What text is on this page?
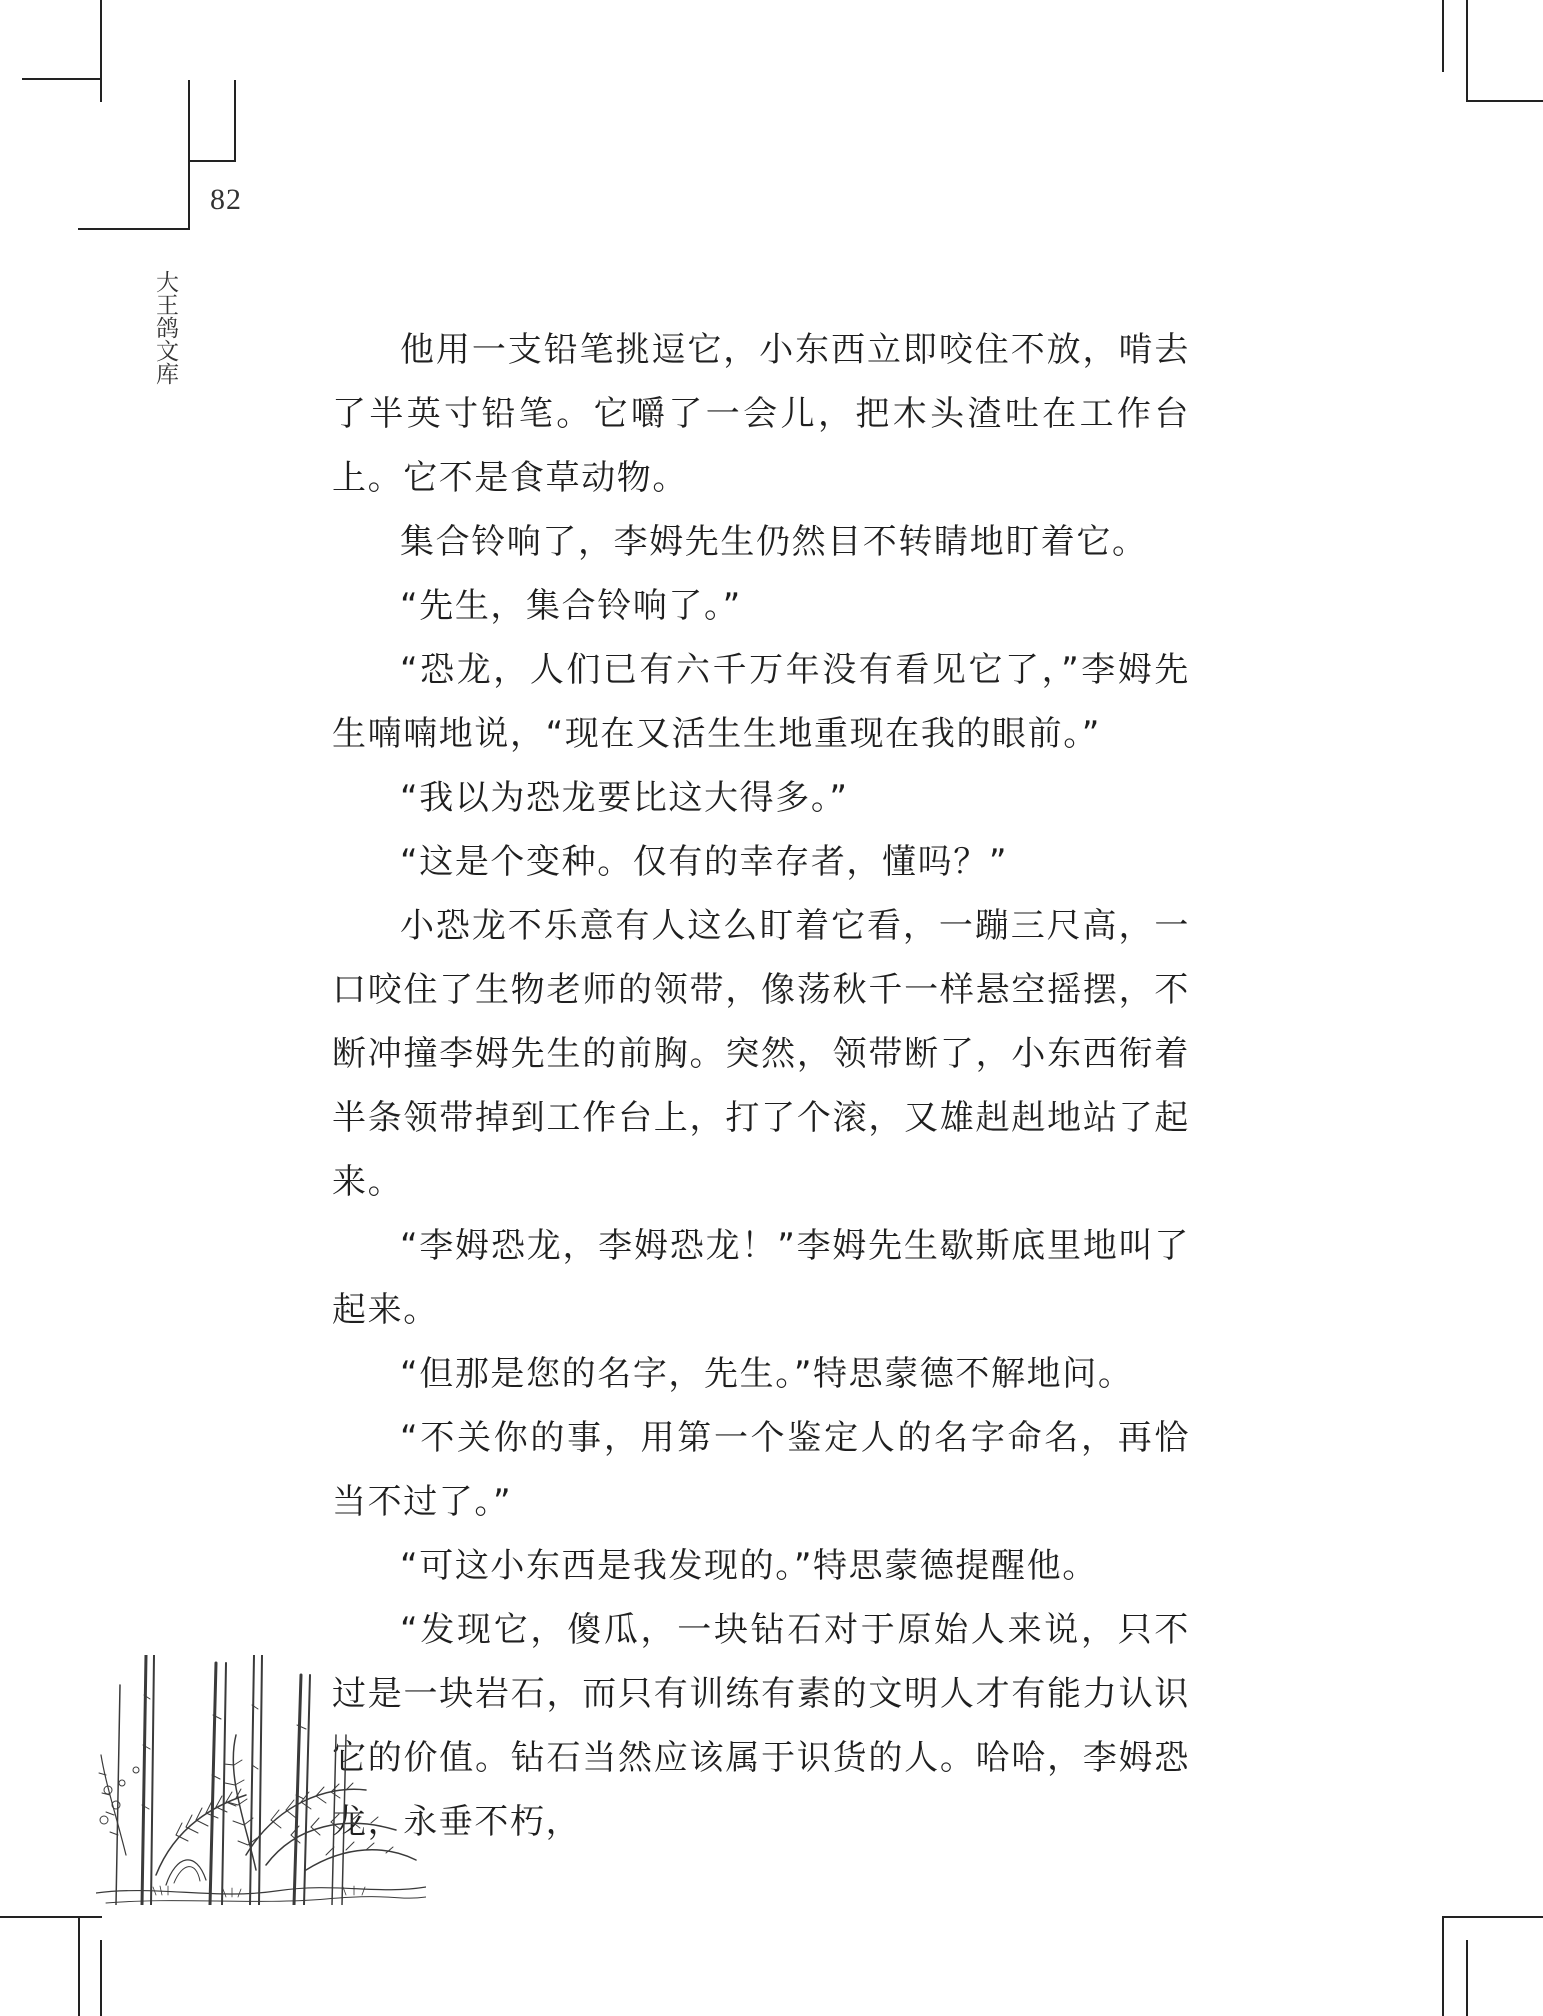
82
大王鸽文库	他用一支铅笔挑逗它，小东西立即咬住不放，啃去了半英寸铅笔。它嚼了一会儿，把木头渣吐在工作台上。它不是食草动物。

集合铃响了，李姆先生仍然目不转睛地盯着它。

“先生，集合铃响了。”

“恐龙，人们已有六千万年没有看见它了，”李姆先生喃喃地说，“现在又活生生地重现在我的眼前。”

“我以为恐龙要比这大得多。”

“这是个变种。仅有的幸存者，懂吗？”

小恐龙不乐意有人这么盯着它看，一蹦三尺高，一口咬住了生物老师的领带，像荡秋千一样悬空摇摆，不断冲撞李姆先生的前胸。突然，领带断了，小东西衔着半条领带掉到工作台上，打了个滚，又雄赳赳地站了起来。

“李姆恐龙，李姆恐龙！”李姆先生歇斯底里地叫了起来。

“但那是您的名字，先生。”特思蒙德不解地问。

“不关你的事，用第一个鉴定人的名字命名，再恰当不过了。”

“可这小东西是我发现的。”特思蒙德提醒他。

“发现它，傻瓜，一块钻石对于原始人来说，只不过是一块岩石，而只有训练有素的文明人才有能力认识它的价值。钻石当然应该属于识货的人。哈哈，李姆恐龙，永垂不朽，
